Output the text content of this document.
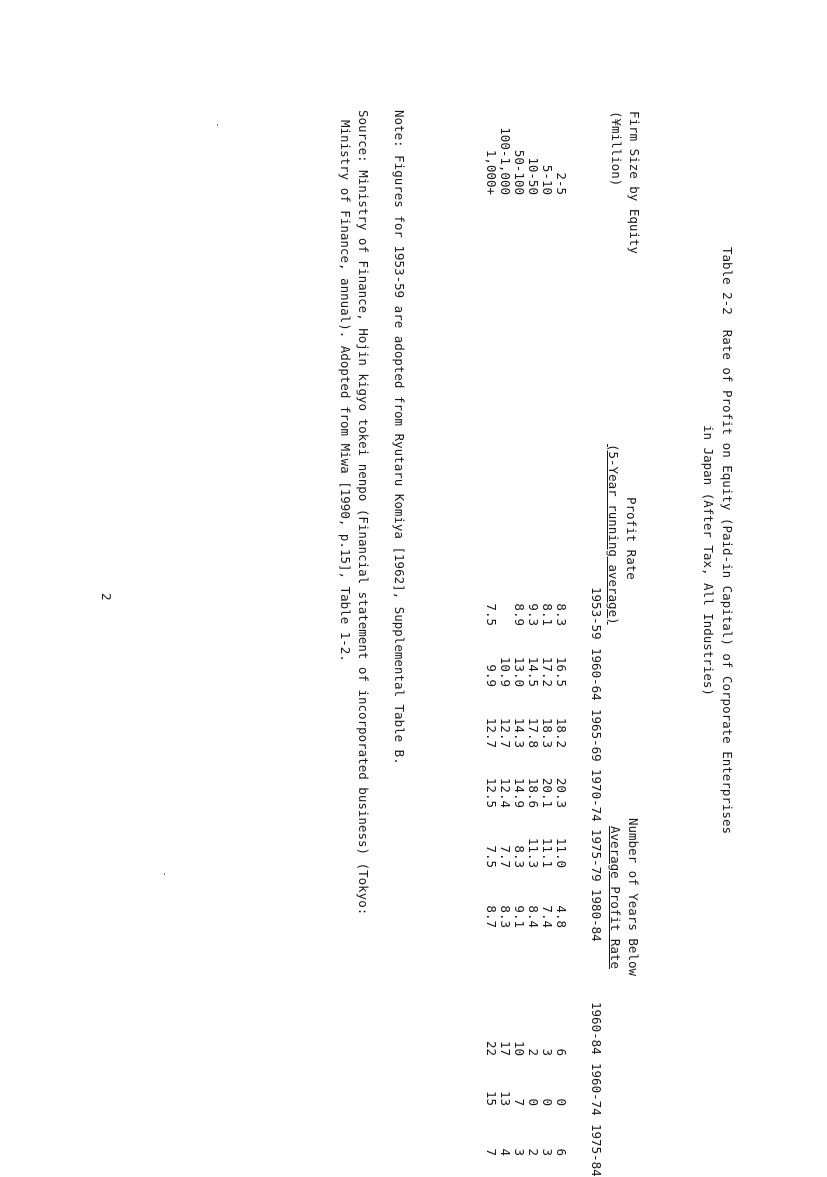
Table 2-2  Rate of Profit on Equity (Paid-in Capital) of Corporate Enterprises
in Japan (After Tax, All Industries)
Firm Size by Equity
(¥million)
Profit Rate
(5-Year running average)
Number of Years Below
Average Profit Rate
1953-59
1960-64
1965-69
1970-74
1975-79
1980-84
1960-84
1960-74
1975-84
2-5
8.3
16.5
18.2
20.3
11.0
4.8
6
0
6
5-10
8.1
17.2
18.3
20.1
11.1
7.4
3
0
3
10-50
9.3
14.5
17.8
18.6
11.3
8.4
2
0
2
50-100
8.9
13.0
14.3
14.9
8.3
9.1
10
7
3
100-1,000
10.9
12.7
12.4
7.7
8.3
17
13
4
1,000+
7.5
9.9
12.7
12.5
7.5
8.7
22
15
7
Note: Figures for 1953-59 are adopted from Ryutaru Komiya [1962], Supplemental Table B.
Source: Ministry of Finance, Hojin kigyo tokei nenpo (Financial statement of incorporated business) (Tokyo:
Ministry of Finance, annual). Adopted from Miwa [1990, p.15], Table 1-2.
2
